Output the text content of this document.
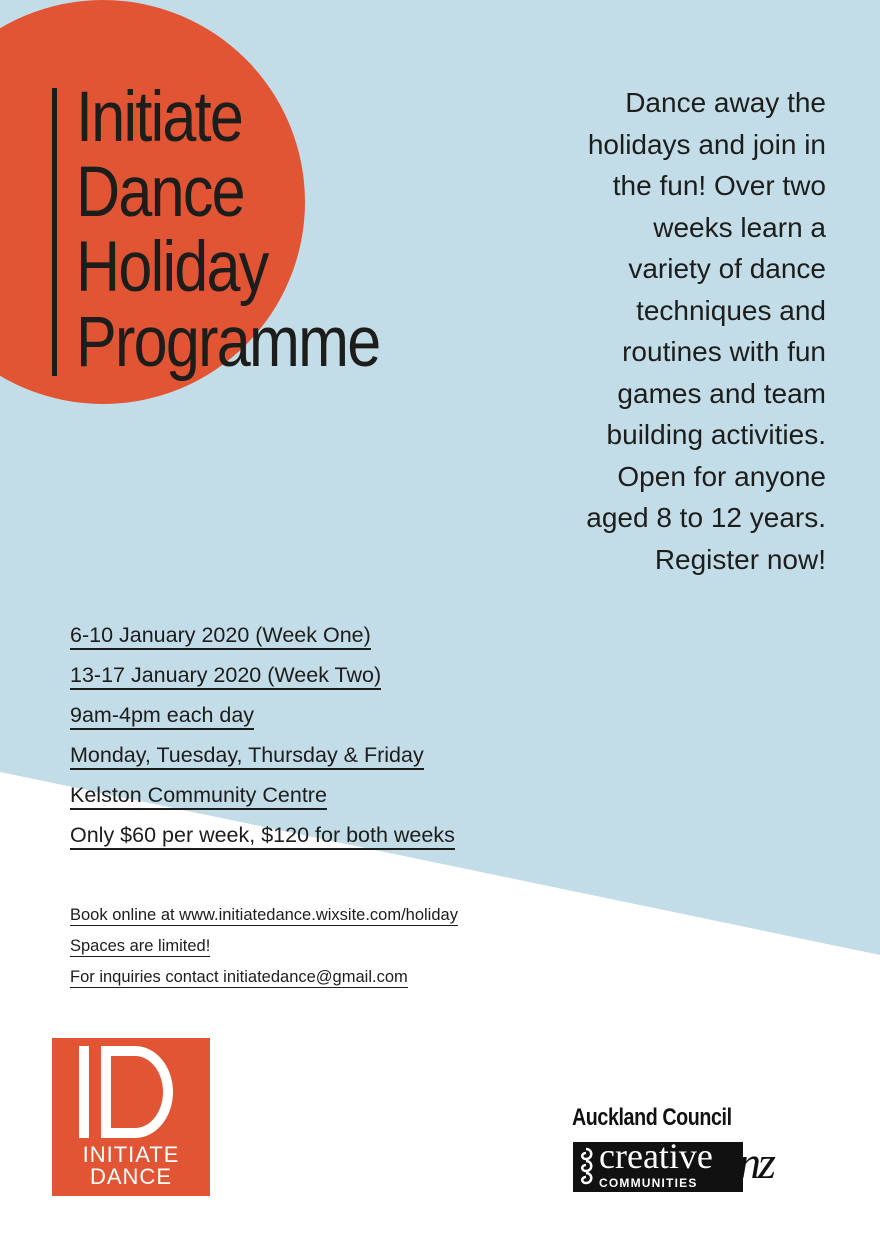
Initiate
Dance
Holiday
Programme

Dance away the
holidays and join in
the fun! Over two
weeks learn a
variety of dance
techniques and
routines with fun
games and team
building activities.
Open for anyone
aged 8 to 12 years.
Register now!

6-10 January 2020 (Week One)
13-17 January 2020 (Week Two)
9am-4pm each day
Monday, Tuesday, Thursday & Friday
Kelston Community Centre
Only $60 per week, $120 for both weeks
Book online at www.initiatedance.wixsite.com/holiday
Spaces are limited!
For inquiries contact initiatedance@gmail.com
INITIATE
DANCE
Auckland Council
creative
COMMUNITIES nz
